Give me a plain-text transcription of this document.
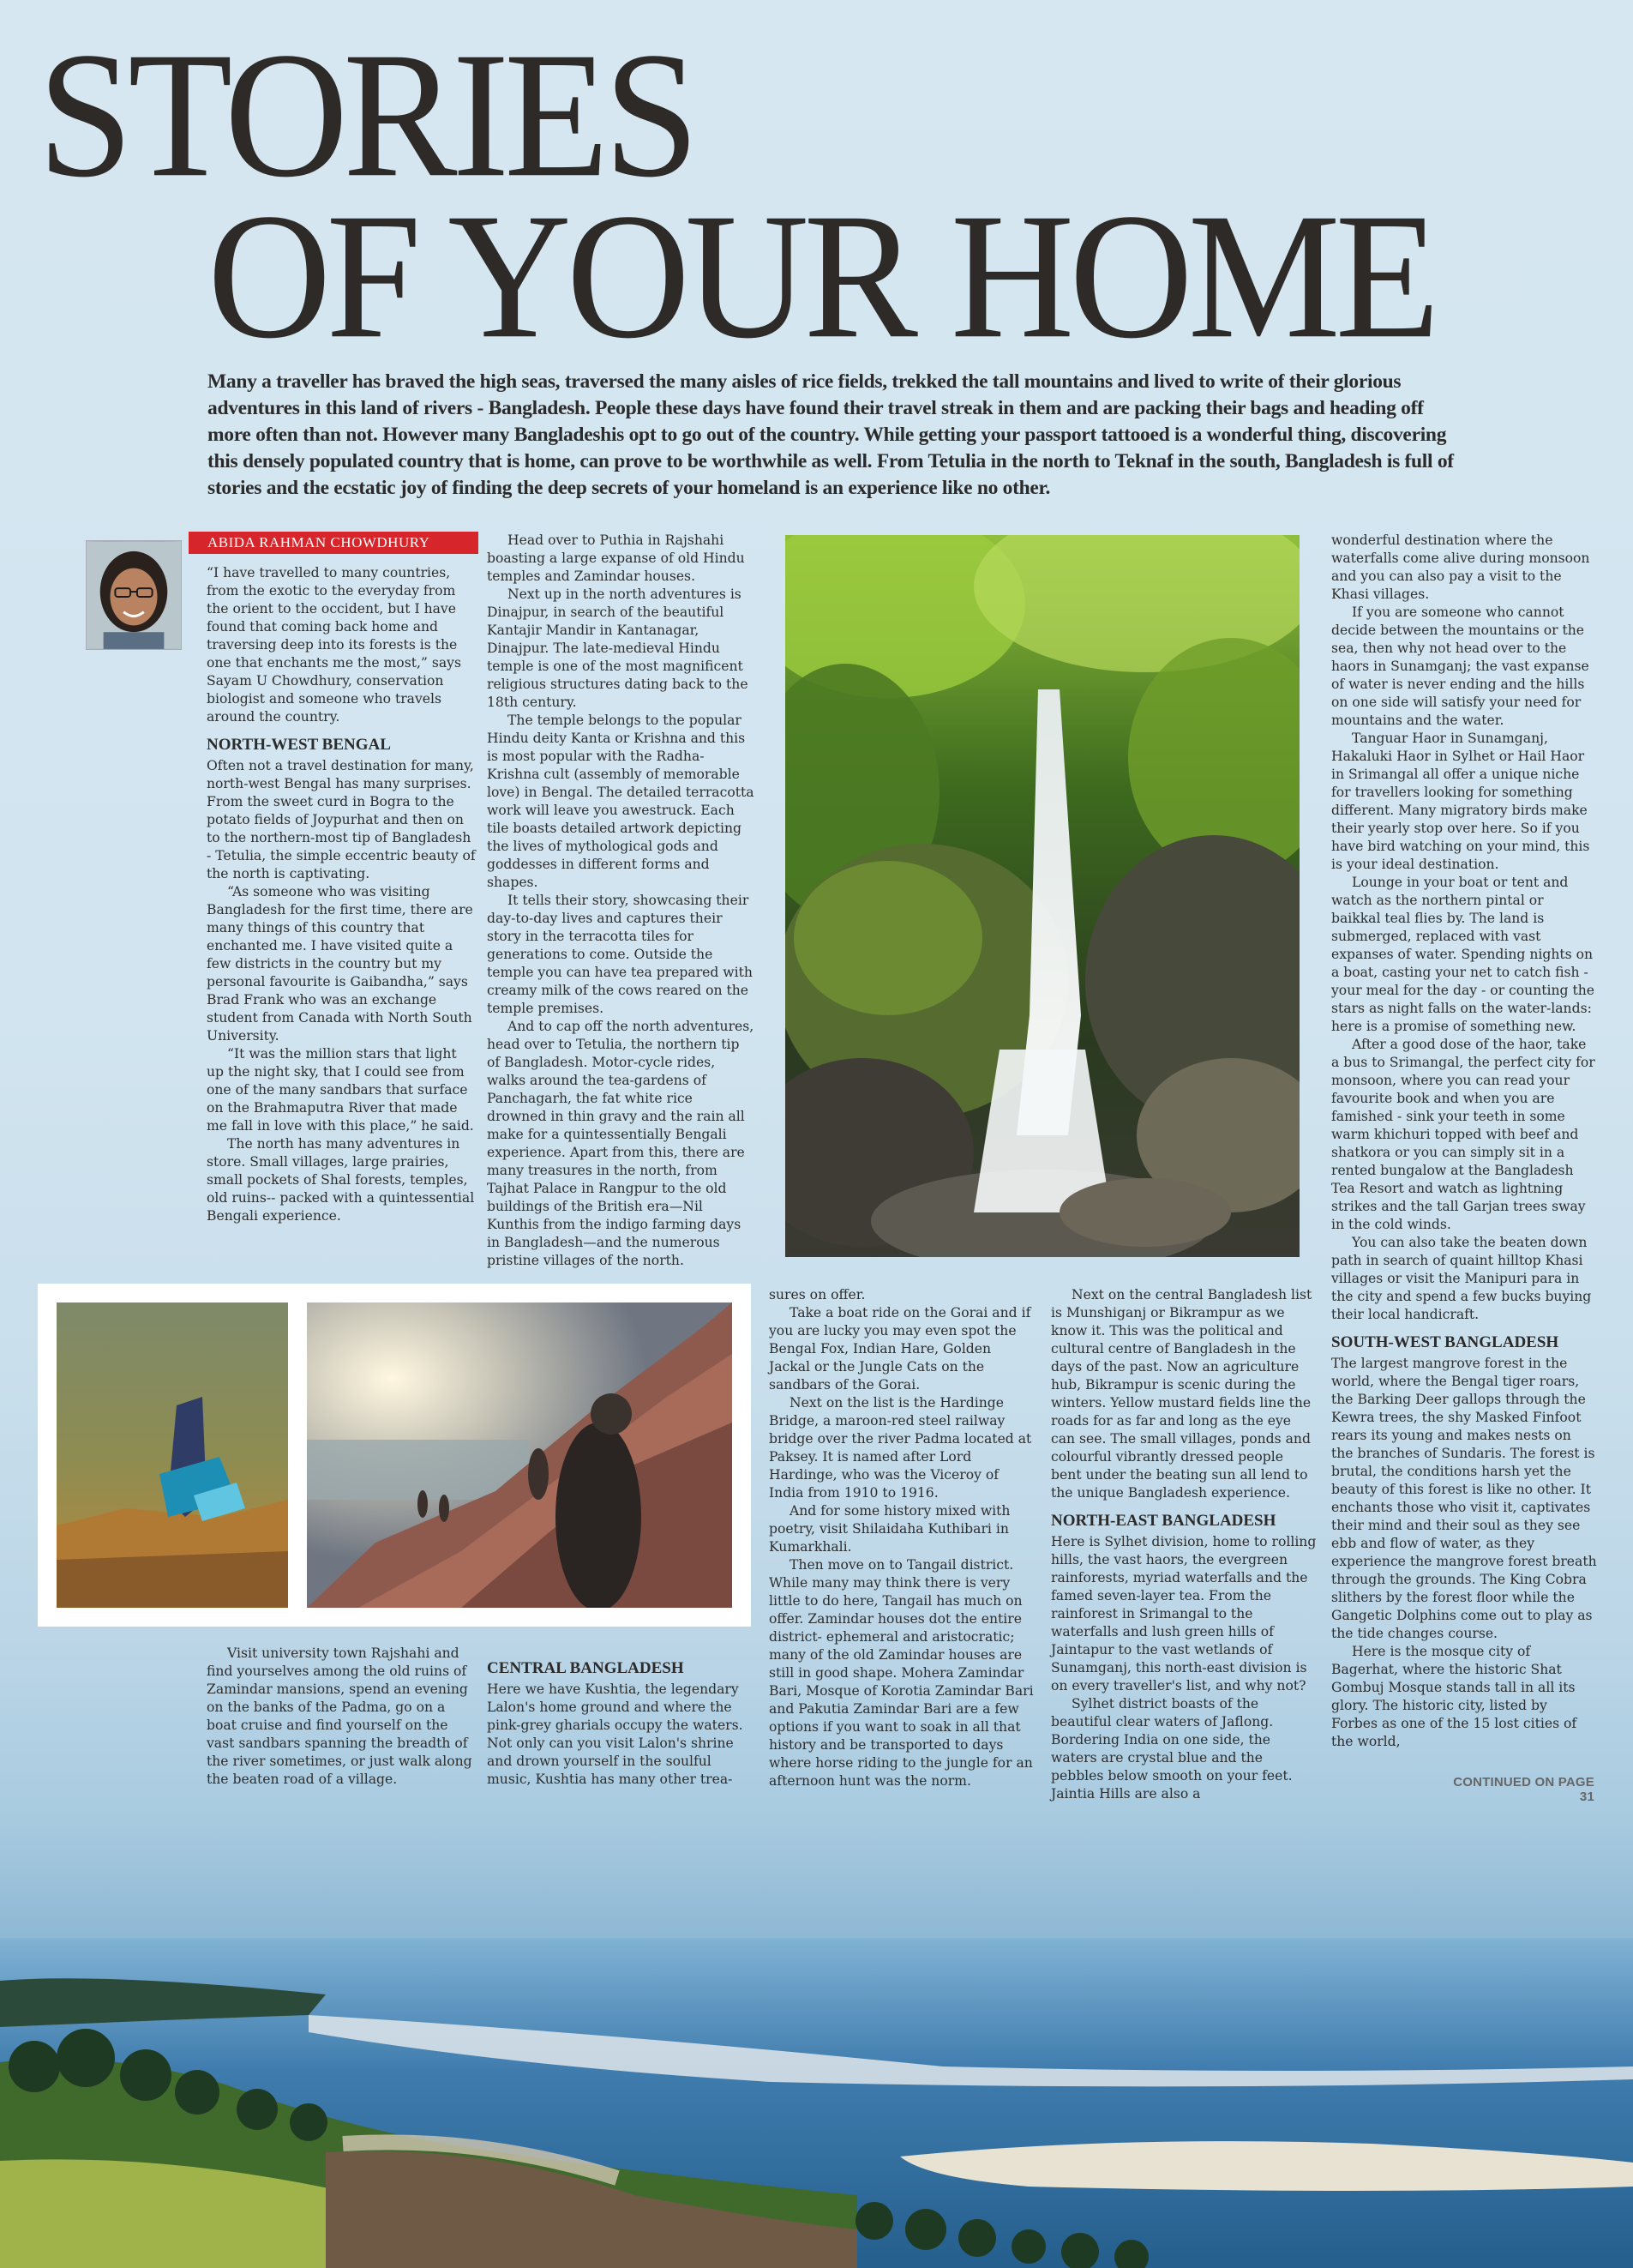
STORIES
OF YOUR HOME
Many a traveller has braved the high seas, traversed the many aisles of rice fields, trekked the tall mountains and lived to write of their glorious adventures in this land of rivers - Bangladesh. People these days have found their travel streak in them and are packing their bags and heading off more often than not. However many Bangladeshis opt to go out of the country. While getting your passport tattooed is a wonderful thing, discovering this densely populated country that is home, can prove to be worthwhile as well. From Tetulia in the north to Teknaf in the south, Bangladesh is full of stories and the ecstatic joy of finding the deep secrets of your homeland is an experience like no other.
ABIDA RAHMAN CHOWDHURY

“I have travelled to many countries, from the exotic to the everyday from the orient to the occident, but I have found that coming back home and traversing deep into its forests is the one that enchants me the most,” says Sayam U Chowdhury, conservation biologist and someone who travels around the country.

NORTH-WEST BENGAL

Often not a travel destination for many, north-west Bengal has many surprises. From the sweet curd in Bogra to the potato fields of Joypurhat and then on to the northern-most tip of Bangladesh - Tetulia, the simple eccentric beauty of the north is captivating.

“As someone who was visiting Bangladesh for the first time, there are many things of this country that enchanted me. I have visited quite a few districts in the country but my personal favourite is Gaibandha,” says Brad Frank who was an exchange student from Canada with North South University.

“It was the million stars that light up the night sky, that I could see from one of the many sandbars that surface on the Brahmaputra River that made me fall in love with this place,” he said.

The north has many adventures in store. Small villages, large prairies, small pockets of Shal forests, temples, old ruins-- packed with a quintessential Bengali experience.

Head over to Puthia in Rajshahi boasting a large expanse of old Hindu temples and Zamindar houses.

Next up in the north adventures is Dinajpur, in search of the beautiful Kantajir Mandir in Kantanagar, Dinajpur. The late-medieval Hindu temple is one of the most magnificent religious structures dating back to the 18th century.

The temple belongs to the popular Hindu deity Kanta or Krishna and this is most popular with the Radha-Krishna cult (assembly of memorable love) in Bengal. The detailed terracotta work will leave you awestruck. Each tile boasts detailed artwork depicting the lives of mythological gods and goddesses in different forms and shapes.

It tells their story, showcasing their day-to-day lives and captures their story in the terracotta tiles for generations to come. Outside the temple you can have tea prepared with creamy milk of the cows reared on the temple premises.

And to cap off the north adventures, head over to Tetulia, the northern tip of Bangladesh. Motor-cycle rides, walks around the tea-gardens of Panchagarh, the fat white rice drowned in thin gravy and the rain all make for a quintessentially Bengali experience. Apart from this, there are many treasures in the north, from Tajhat Palace in Rangpur to the old buildings of the British era—Nil Kunthis from the indigo farming days in Bangladesh—and the numerous pristine villages of the north.

Visit university town Rajshahi and find yourselves among the old ruins of Zamindar mansions, spend an evening on the banks of the Padma, go on a boat cruise and find yourself on the vast sandbars spanning the breadth of the river sometimes, or just walk along the beaten road of a village.

CENTRAL BANGLADESH

Here we have Kushtia, the legendary Lalon's home ground and where the pink-grey gharials occupy the waters. Not only can you visit Lalon's shrine and drown yourself in the soulful music, Kushtia has many other trea-

sures on offer.

Take a boat ride on the Gorai and if you are lucky you may even spot the Bengal Fox, Indian Hare, Golden Jackal or the Jungle Cats on the sandbars of the Gorai.

Next on the list is the Hardinge Bridge, a maroon-red steel railway bridge over the river Padma located at Paksey. It is named after Lord Hardinge, who was the Viceroy of India from 1910 to 1916.

And for some history mixed with poetry, visit Shilaidaha Kuthibari in Kumarkhali.

Then move on to Tangail district. While many may think there is very little to do here, Tangail has much on offer. Zamindar houses dot the entire district- ephemeral and aristocratic; many of the old Zamindar houses are still in good shape. Mohera Zamindar Bari, Mosque of Korotia Zamindar Bari and Pakutia Zamindar Bari are a few options if you want to soak in all that history and be transported to days where horse riding to the jungle for an afternoon hunt was the norm.

Next on the central Bangladesh list is Munshiganj or Bikrampur as we know it. This was the political and cultural centre of Bangladesh in the days of the past. Now an agriculture hub, Bikrampur is scenic during the winters. Yellow mustard fields line the roads for as far and long as the eye can see. The small villages, ponds and colourful vibrantly dressed people bent under the beating sun all lend to the unique Bangladesh experience.

NORTH-EAST BANGLADESH

Here is Sylhet division, home to rolling hills, the vast haors, the evergreen rainforests, myriad waterfalls and the famed seven-layer tea. From the rainforest in Srimangal to the waterfalls and lush green hills of Jaintapur to the vast wetlands of Sunamganj, this north-east division is on every traveller's list, and why not?

Sylhet district boasts of the beautiful clear waters of Jaflong. Bordering India on one side, the waters are crystal blue and the pebbles below smooth on your feet. Jaintia Hills are also a

wonderful destination where the waterfalls come alive during monsoon and you can also pay a visit to the Khasi villages.

If you are someone who cannot decide between the mountains or the sea, then why not head over to the haors in Sunamganj; the vast expanse of water is never ending and the hills on one side will satisfy your need for mountains and the water.

Tanguar Haor in Sunamganj, Hakaluki Haor in Sylhet or Hail Haor in Srimangal all offer a unique niche for travellers looking for something different. Many migratory birds make their yearly stop over here. So if you have bird watching on your mind, this is your ideal destination.

Lounge in your boat or tent and watch as the northern pintal or baikkal teal flies by. The land is submerged, replaced with vast expanses of water. Spending nights on a boat, casting your net to catch fish - your meal for the day - or counting the stars as night falls on the water-lands: here is a promise of something new.

After a good dose of the haor, take a bus to Srimangal, the perfect city for monsoon, where you can read your favourite book and when you are famished - sink your teeth in some warm khichuri topped with beef and shatkora or you can simply sit in a rented bungalow at the Bangladesh Tea Resort and watch as lightning strikes and the tall Garjan trees sway in the cold winds.

You can also take the beaten down path in search of quaint hilltop Khasi villages or visit the Manipuri para in the city and spend a few bucks buying their local handicraft.

SOUTH-WEST BANGLADESH

The largest mangrove forest in the world, where the Bengal tiger roars, the Barking Deer gallops through the Kewra trees, the shy Masked Finfoot rears its young and makes nests on the branches of Sundaris. The forest is brutal, the conditions harsh yet the beauty of this forest is like no other. It enchants those who visit it, captivates their mind and their soul as they see ebb and flow of water, as they experience the mangrove forest breath through the grounds. The King Cobra slithers by the forest floor while the Gangetic Dolphins come out to play as the tide changes course.

Here is the mosque city of Bagerhat, where the historic Shat Gombuj Mosque stands tall in all its glory. The historic city, listed by Forbes as one of the 15 lost cities of the world,

CONTINUED ON PAGE 31
